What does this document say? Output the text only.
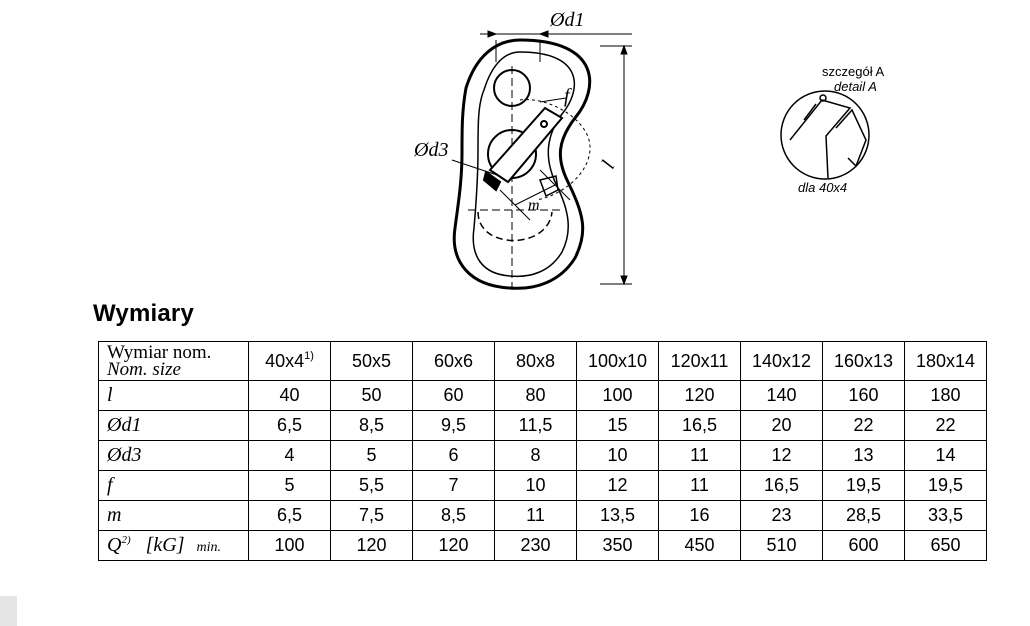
Ød1
m
Ød3
f
l
szczegół A
detail A
dla 40x4
Wymiary
Wymiar nom.
Nom. size	40x4$^{1)}$	50x5	60x6	80x8	100x10	120x11	140x12	160x13	180x14
l	40	50	60	80	100	120	140	160	180
Ød1	6,5	8,5	9,5	11,5	15	16,5	20	22	22
Ød3	4	5	6	8	10	11	12	13	14
f	5	5,5	7	10	12	11	16,5	19,5	19,5
m	6,5	7,5	8,5	11	13,5	16	23	28,5	33,5
$Q^{2)}$ [kG] min.	100	120	120	230	350	450	510	600	650
